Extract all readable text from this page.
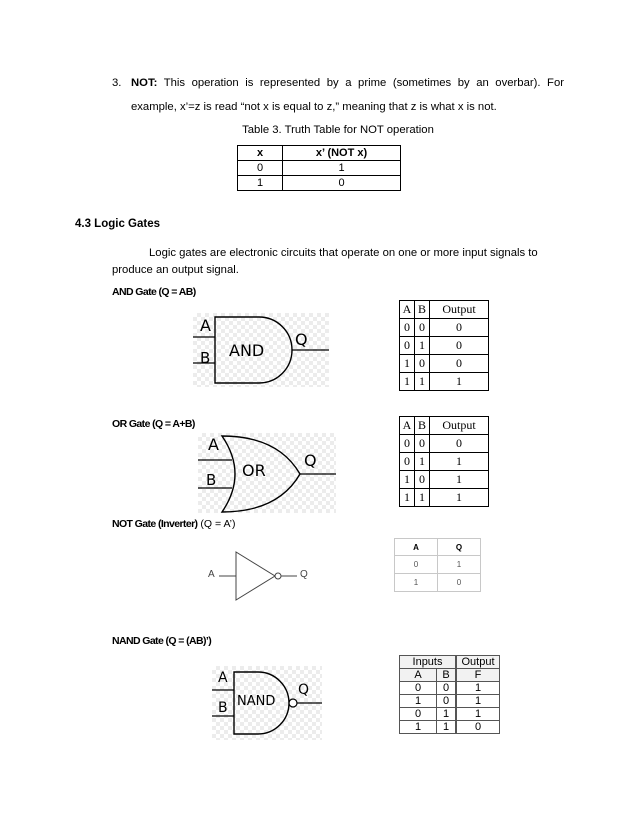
3. NOT: This operation is represented by a prime (sometimes by an overbar). For
example, x’=z is read “not x is equal to z,” meaning that z is what x is not.
Table 3. Truth Table for NOT operation
x	x’ (NOT x)
0	1
1	0
4.3 Logic Gates
Logic gates are electronic circuits that operate on one or more input signals to
produce an output signal.
AND Gate (Q = AB)
A
B AND
Q
A	B	Output
0	0	0
0	1	0
1	0	0
1	1	1
OR Gate (Q = A+B)
A
B OR
Q
A	B	Output
0	0	0
0	1	1
1	0	1
1	1	1
NOT Gate (Inverter) (Q = A’)
A	Q
A	Q
0	1
1	0
NAND Gate (Q = (AB)’)
A
B NAND
Q
Inputs		Output
A	B	F
0	0	1
1	0	1
0	1	1
1	1	0
